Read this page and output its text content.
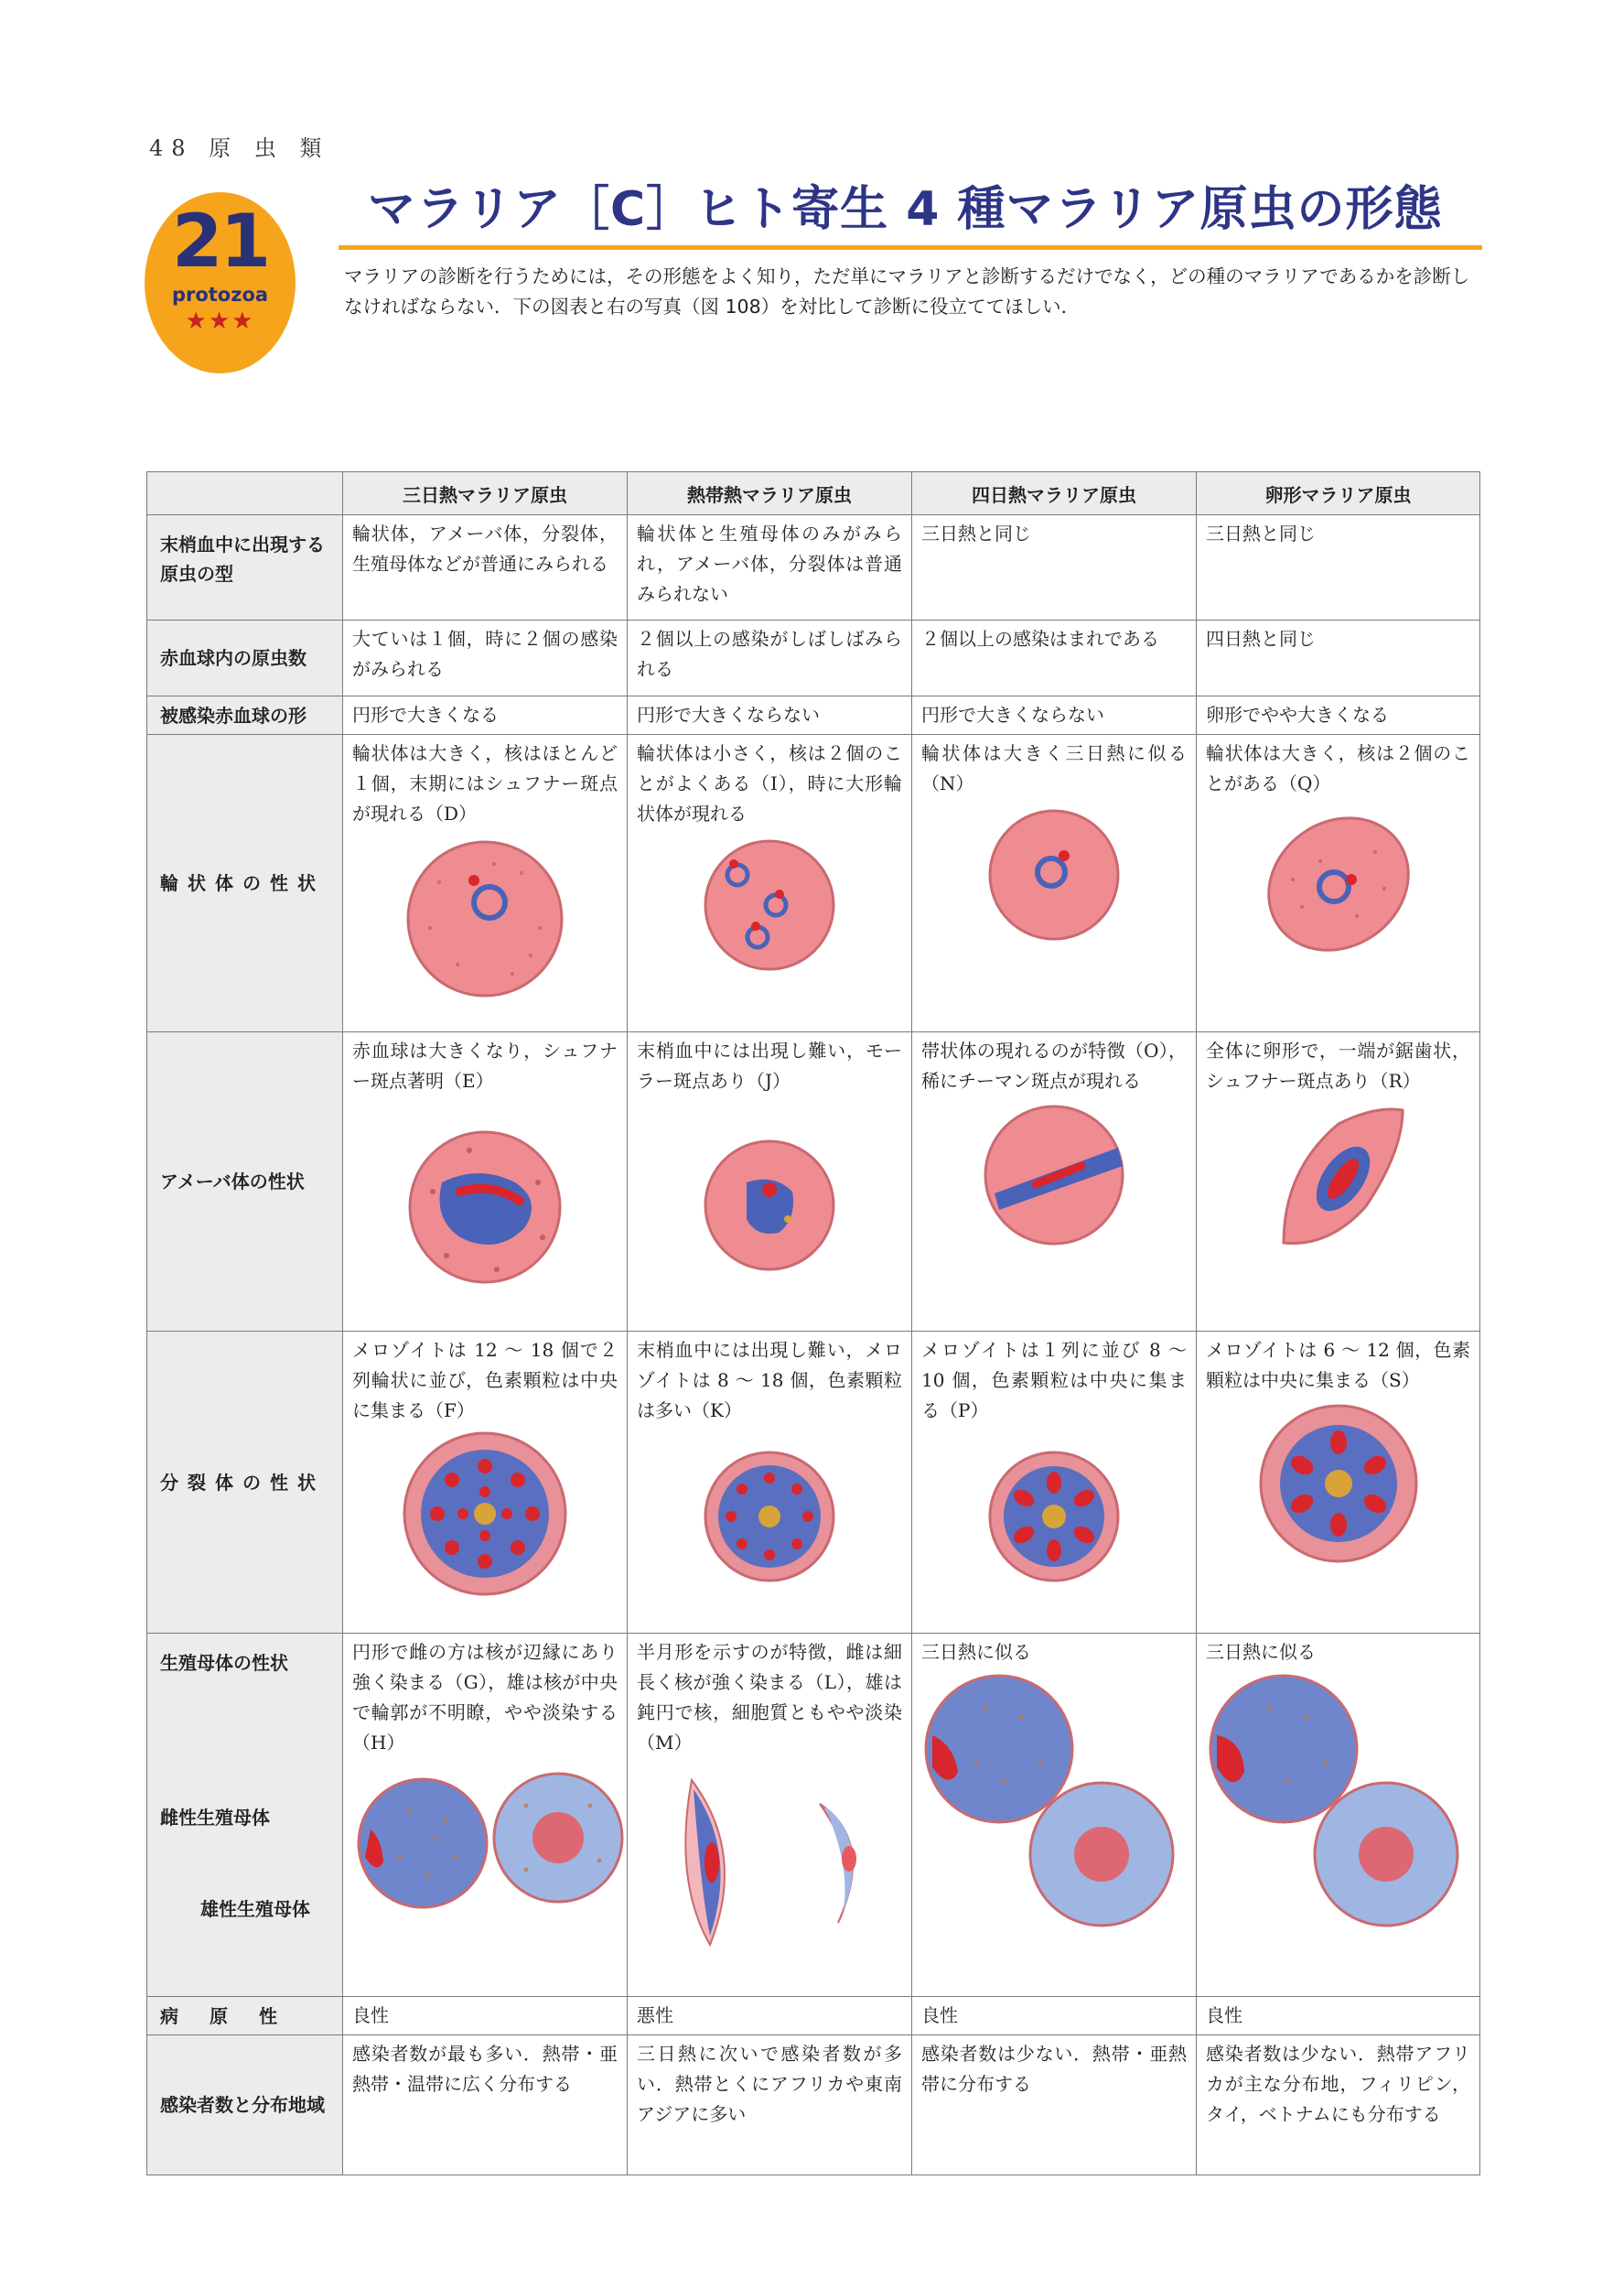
48 原 虫 類
21
protozoa
★★★
マラリア［C］ヒト寄生 4 種マラリア原虫の形態
マラリアの診断を行うためには，その形態をよく知り，ただ単にマラリアと診断するだけでなく，どの種のマラリアであるかを診断しなければならない．下の図表と右の写真（図 108）を対比して診断に役立ててほしい．
	三日熱マラリア原虫	熱帯熱マラリア原虫	四日熱マラリア原虫	卵形マラリア原虫
末梢血中に出現する原虫の型	輪状体，アメーバ体，分裂体，生殖母体などが普通にみられる	輪状体と生殖母体のみがみられ，アメーバ体，分裂体は普通みられない	三日熱と同じ	三日熱と同じ

赤血球内の原虫数	大ていは１個，時に２個の感染がみられる	２個以上の感染がしばしばみられる	２個以上の感染はまれである	四日熱と同じ

被感染赤血球の形	円形で大きくなる	円形で大きくならない	円形で大きくならない	卵形でやや大きくなる

輪状体の性状	輪状体は大きく，核はほとんど１個，末期にはシュフナー斑点が現れる（D）	輪状体は小さく，核は２個のことがよくある（I），時に大形輪状体が現れる	輪状体は大きく三日熱に似る（N）	輪状体は大きく，核は２個のことがある（Q）

アメーバ体の性状	赤血球は大きくなり，シュフナー斑点著明（E）	末梢血中には出現し難い，モーラー斑点あり（J）	帯状体の現れるのが特徴（O），稀にチーマン斑点が現れる	全体に卵形で，一端が鋸歯状，シュフナー斑点あり（R）

分裂体の性状	メロゾイトは 12 ～ 18 個で２列輪状に並び，色素顆粒は中央に集まる（F）	末梢血中には出現し難い，メロゾイトは 8 ～ 18 個，色素顆粒は多い（K）	メロゾイトは１列に並び 8 ～ 10 個，色素顆粒は中央に集まる（P）	メロゾイトは 6 ～ 12 個，色素顆粒は中央に集まる（S）

生殖母体の性状
雌性生殖母体
雄性生殖母体	円形で雌の方は核が辺縁にあり強く染まる（G），雄は核が中央で輪郭が不明瞭，やや淡染する（H）	半月形を示すのが特徴，雌は細長く核が強く染まる（L），雄は鈍円で核，細胞質ともやや淡染（M）	三日熱に似る	三日熱に似る

病原性	良性	悪性	良性	良性

感染者数と分布地域	感染者数が最も多い．熱帯・亜熱帯・温帯に広く分布する	三日熱に次いで感染者数が多い．熱帯とくにアフリカや東南アジアに多い	感染者数は少ない．熱帯・亜熱帯に分布する	感染者数は少ない．熱帯アフリカが主な分布地，フィリピン，タイ，ベトナムにも分布する
